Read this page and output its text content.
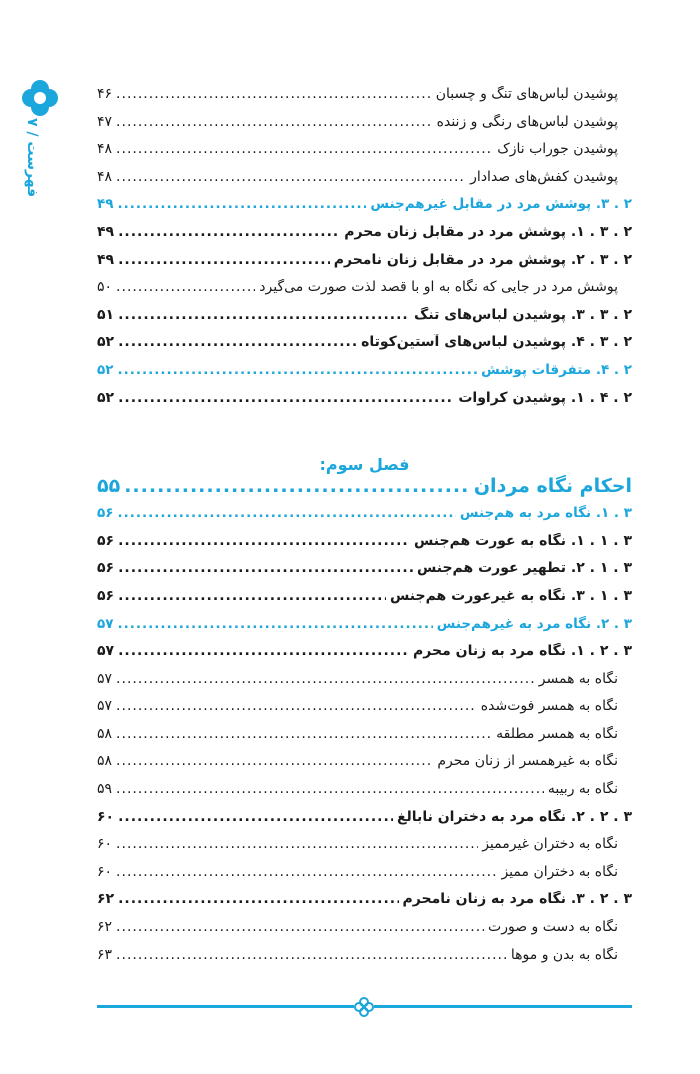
فهرست / ۷
پوشیدن لباس‌های تنگ و چسبان
.....
۴۶
پوشیدن لباس‌های رنگی و زننده
.....
۴۷
پوشیدن جوراب نازک
.....
۴۸
پوشیدن کفش‌های صدادار
.....
۴۸
۲ . ۳. پوشش مرد در مقابل غیرهم‌جنس
.....
۴۹
۲ . ۳ . ۱. پوشش مرد در مقابل زنان محرم
.....
۴۹
۲ . ۳ . ۲. پوشش مرد در مقابل زنان نامحرم
.....
۴۹
پوشش مرد در جایی که نگاه به او با قصد لذت صورت می‌گیرد
.....
۵۰
۲ . ۳ . ۳. پوشیدن لباس‌های تنگ
.....
۵۱
۲ . ۳ . ۴. پوشیدن لباس‌های آستین‌کوتاه
.....
۵۲
۲ . ۴. متفرقات پوشش
.....
۵۲
۲ . ۴ . ۱. پوشیدن کراوات
.....
۵۲
فصل سوم:
احکام نگاه مردان
.....
۵۵
۳ . ۱. نگاه مرد به هم‌جنس
.....
۵۶
۳ . ۱ . ۱. نگاه به عورت هم‌جنس
.....
۵۶
۳ . ۱ . ۲. تطهیر عورت هم‌جنس
.....
۵۶
۳ . ۱ . ۳. نگاه به غیرعورت هم‌جنس
.....
۵۶
۳ . ۲. نگاه مرد به غیرهم‌جنس
.....
۵۷
۳ . ۲ . ۱. نگاه مرد به زنان محرم
.....
۵۷
نگاه به همسر
.....
۵۷
نگاه به همسر فوت‌شده
.....
۵۷
نگاه به همسر مطلقه
.....
۵۸
نگاه به غیرهمسر از زنان محرم
.....
۵۸
نگاه به ربیبه
.....
۵۹
۳ . ۲ . ۲. نگاه مرد به دختران نابالغ
.....
۶۰
نگاه به دختران غیرممیز
.....
۶۰
نگاه به دختران ممیز
.....
۶۰
۳ . ۲ . ۳. نگاه مرد به زنان نامحرم
.....
۶۲
نگاه به دست و صورت
.....
۶۲
نگاه به بدن و موها
.....
۶۳
